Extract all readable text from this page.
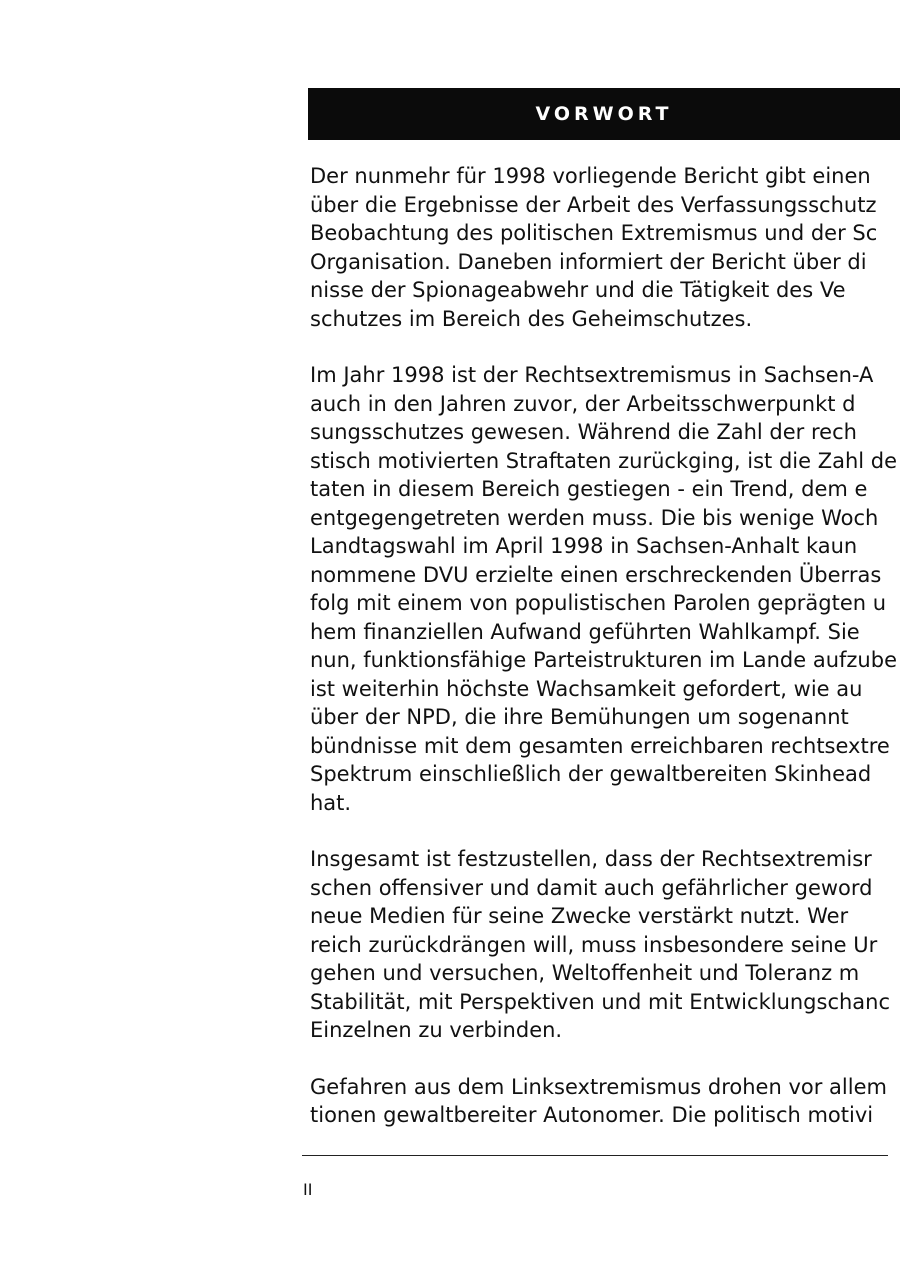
VORWORT

Der nunmehr für 1998 vorliegende Bericht gibt einen
über die Ergebnisse der Arbeit des Verfassungsschutz
Beobachtung des politischen Extremismus und der Sc
Organisation. Daneben informiert der Bericht über di
nisse der Spionageabwehr und die Tätigkeit des Ve
schutzes im Bereich des Geheimschutzes.

Im Jahr 1998 ist der Rechtsextremismus in Sachsen-A
auch in den Jahren zuvor, der Arbeitsschwerpunkt d
sungsschutzes gewesen. Während die Zahl der rech
stisch motivierten Straftaten zurückging, ist die Zahl de
taten in diesem Bereich gestiegen - ein Trend, dem e
entgegengetreten werden muss. Die bis wenige Woch
Landtagswahl im April 1998 in Sachsen-Anhalt kaun
nommene DVU erzielte einen erschreckenden Überras
folg mit einem von populistischen Parolen geprägten u
hem finanziellen Aufwand geführten Wahlkampf. Sie
nun, funktionsfähige Parteistrukturen im Lande aufzube
ist weiterhin höchste Wachsamkeit gefordert, wie au
über der NPD, die ihre Bemühungen um sogenannt
bündnisse mit dem gesamten erreichbaren rechtsextre
Spektrum einschließlich der gewaltbereiten Skinhead
hat.

Insgesamt ist festzustellen, dass der Rechtsextremisr
schen offensiver und damit auch gefährlicher geword
neue Medien für seine Zwecke verstärkt nutzt. Wer
reich zurückdrängen will, muss insbesondere seine Ur
gehen und versuchen, Weltoffenheit und Toleranz m
Stabilität, mit Perspektiven und mit Entwicklungschanc
Einzelnen zu verbinden.

Gefahren aus dem Linksextremismus drohen vor allem
tionen gewaltbereiter Autonomer. Die politisch motivi

II
